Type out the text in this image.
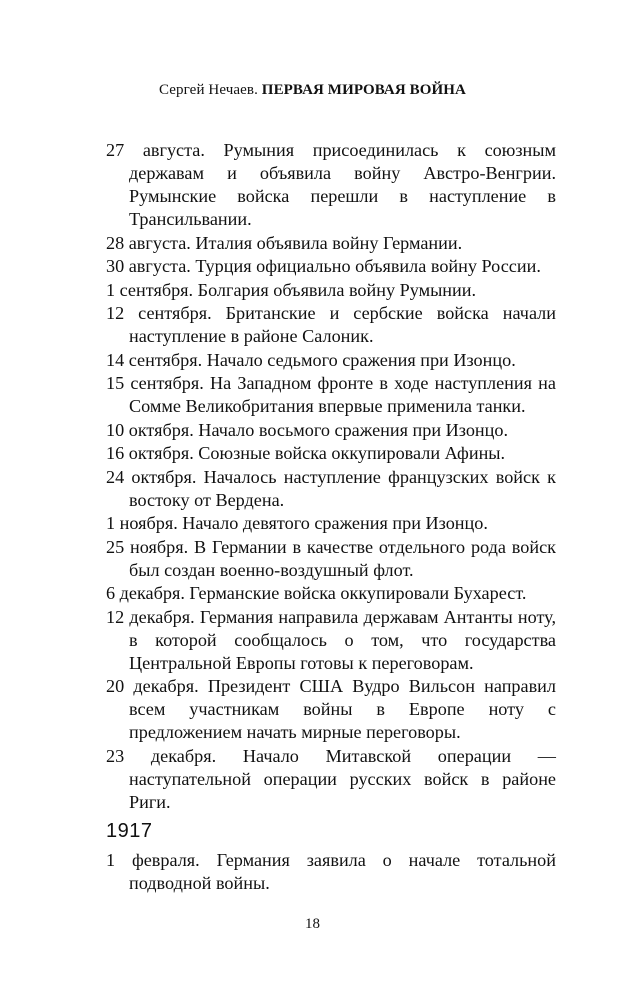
Сергей Нечаев. ПЕРВАЯ МИРОВАЯ ВОЙНА
27 августа. Румыния присоединилась к союзным державам и объявила войну Австро-Венгрии. Румынские войска перешли в наступление в Трансильвании.
28 августа. Италия объявила войну Германии.
30 августа. Турция официально объявила войну России.
1 сентября. Болгария объявила войну Румынии.
12 сентября. Британские и сербские войска начали наступление в районе Салоник.
14 сентября. Начало седьмого сражения при Изонцо.
15 сентября. На Западном фронте в ходе наступления на Сомме Великобритания впервые применила танки.
10 октября. Начало восьмого сражения при Изонцо.
16 октября. Союзные войска оккупировали Афины.
24 октября. Началось наступление французских войск к востоку от Вердена.
1 ноября. Начало девятого сражения при Изонцо.
25 ноября. В Германии в качестве отдельного рода войск был создан военно-воздушный флот.
6 декабря. Германские войска оккупировали Бухарест.
12 декабря. Германия направила державам Антанты ноту, в которой сообщалось о том, что государства Центральной Европы готовы к переговорам.
20 декабря. Президент США Вудро Вильсон направил всем участникам войны в Европе ноту с предложением начать мирные переговоры.
23 декабря. Начало Митавской операции — наступательной операции русских войск в районе Риги.
1917
1 февраля. Германия заявила о начале тотальной подводной войны.
18
